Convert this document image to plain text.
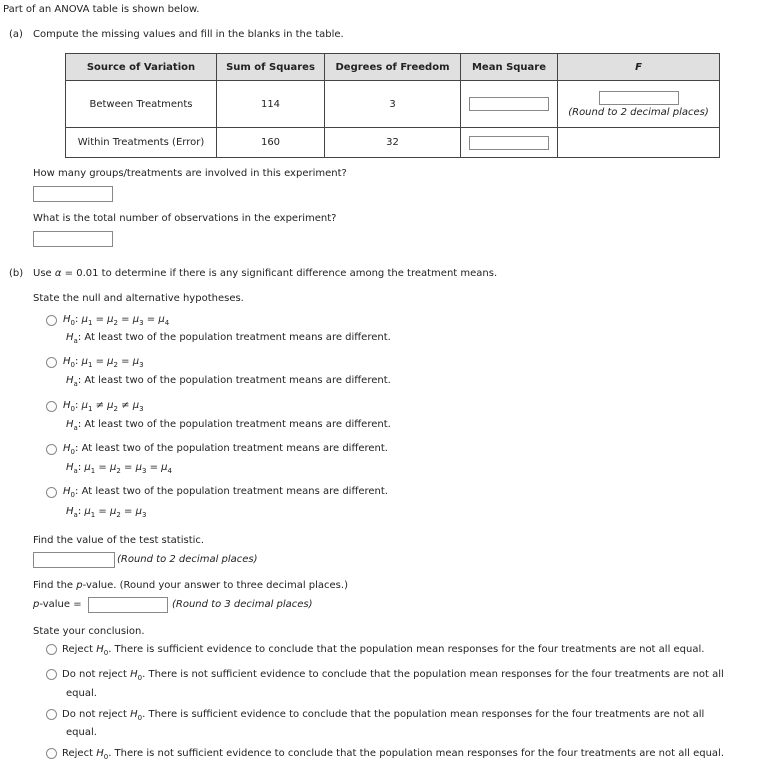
Part of an ANOVA table is shown below.
(a) Compute the missing values and fill in the blanks in the table.
Source of Variation	Sum of Squares	Degrees of Freedom	Mean Square	F
Between Treatments	114	3		(Round to 2 decimal places)
Within Treatments (Error)	160	32		
How many groups/treatments are involved in this experiment?
What is the total number of observations in the experiment?
(b) Use α = 0.01 to determine if there is any significant difference among the treatment means.
State the null and alternative hypotheses.
$H_0$: $\mu_1 = \mu_2 = \mu_3 = \mu_4$
$H_a$: At least two of the population treatment means are different.
$H_0$: $\mu_1 = \mu_2 = \mu_3$
$H_a$: At least two of the population treatment means are different.
$H_0$: $\mu_1 \ne \mu_2 \ne \mu_3$
$H_a$: At least two of the population treatment means are different.
$H_0$: At least two of the population treatment means are different.
$H_a$: $\mu_1 = \mu_2 = \mu_3 = \mu_4$
$H_0$: At least two of the population treatment means are different.
$H_a$: $\mu_1 = \mu_2 = \mu_3$
Find the value of the test statistic.
(Round to 2 decimal places)
Find the p-value. (Round your answer to three decimal places.)
p-value =	(Round to 3 decimal places)
State your conclusion.
Reject $H_0$. There is sufficient evidence to conclude that the population mean responses for the four treatments are not all equal.
Do not reject $H_0$. There is not sufficient evidence to conclude that the population mean responses for the four treatments are not all
equal.
Do not reject $H_0$. There is sufficient evidence to conclude that the population mean responses for the four treatments are not all
equal.
Reject $H_0$. There is not sufficient evidence to conclude that the population mean responses for the four treatments are not all equal.
